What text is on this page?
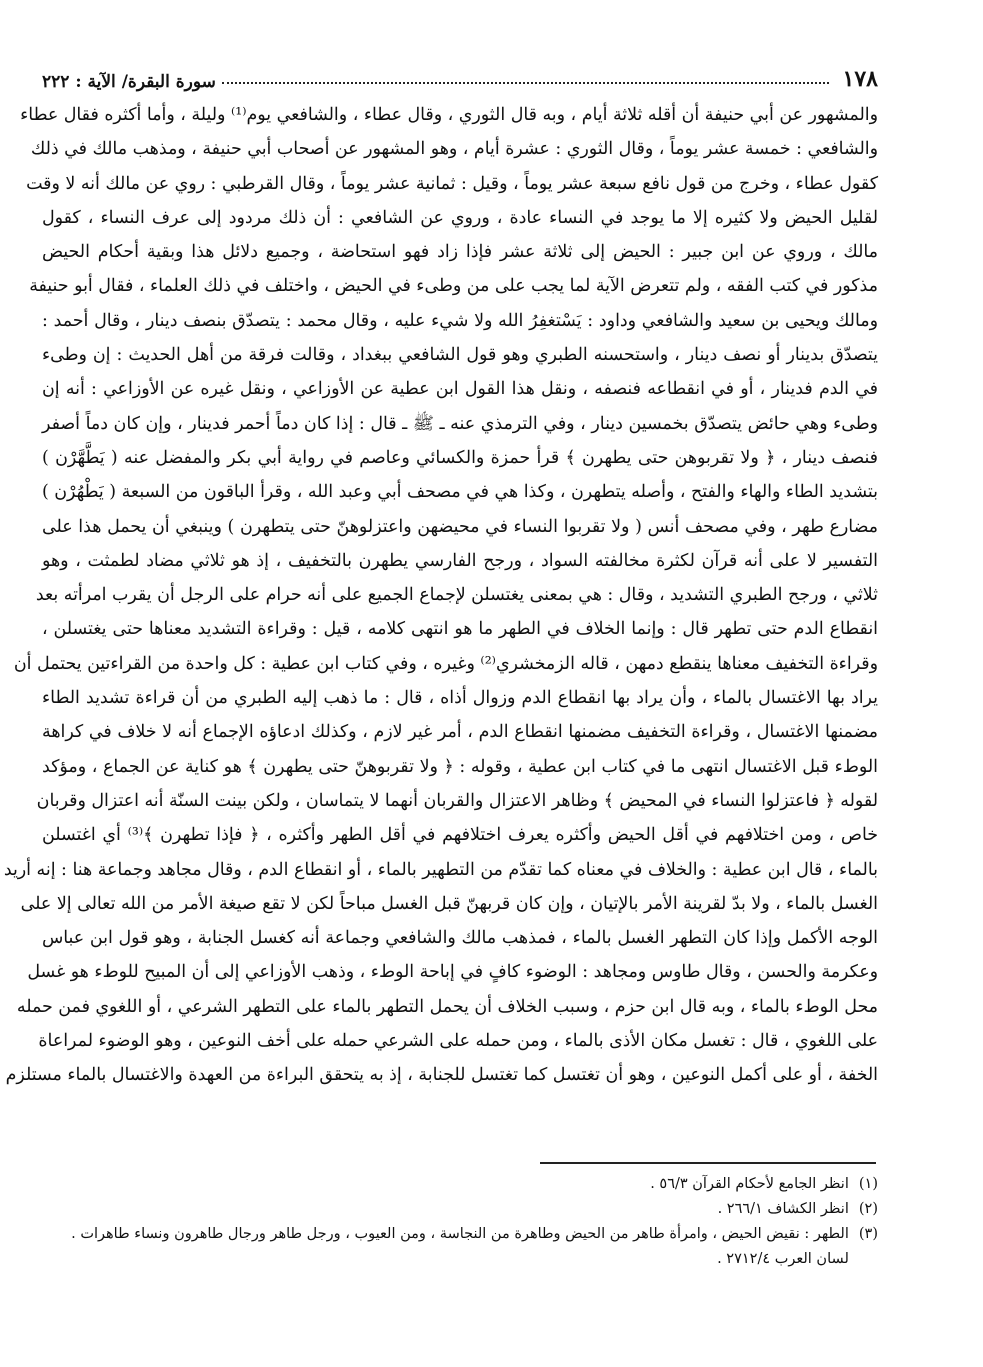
١٧٨
سورة البقرة/ الآية : ٢٢٢
والمشهور عن أبي حنيفة أن أقله ثلاثة أيام ، وبه قال الثوري ، وقال عطاء ، والشافعي يوم⁽¹⁾ وليلة ، وأما أكثره فقال عطاء
والشافعي : خمسة عشر يوماً ، وقال الثوري : عشرة أيام ، وهو المشهور عن أصحاب أبي حنيفة ، ومذهب مالك في ذلك
كقول عطاء ، وخرج من قول نافع سبعة عشر يوماً ، وقيل : ثمانية عشر يوماً ، وقال القرطبي : روي عن مالك أنه لا وقت
لقليل الحيض ولا كثيره إلا ما يوجد في النساء عادة ، وروي عن الشافعي : أن ذلك مردود إلى عرف النساء ، كقول
مالك ، وروي عن ابن جبير : الحيض إلى ثلاثة عشر فإذا زاد فهو استحاضة ، وجميع دلائل هذا وبقية أحكام الحيض
مذكور في كتب الفقه ، ولم تتعرض الآية لما يجب على من وطىء في الحيض ، واختلف في ذلك العلماء ، فقال أبو حنيفة
ومالك ويحيى بن سعيد والشافعي وداود : يَسْتغفِرُ الله ولا شيء عليه ، وقال محمد : يتصدّق بنصف دينار ، وقال أحمد :
يتصدّق بدينار أو نصف دينار ، واستحسنه الطبري وهو قول الشافعي ببغداد ، وقالت فرقة من أهل الحديث : إن وطىء
في الدم فدينار ، أو في انقطاعه فنصفه ، ونقل هذا القول ابن عطية عن الأوزاعي ، ونقل غيره عن الأوزاعي : أنه إن
وطىء وهي حائض يتصدّق بخمسين دينار ، وفي الترمذي عنه ـ ﷺ ـ قال : إذا كان دماً أحمر فدينار ، وإن كان دماً أصفر
فنصف دينار ، ﴿ ولا تقربوهن حتى يطهرن ﴾ قرأ حمزة والكسائي وعاصم في رواية أبي بكر والمفضل عنه ( يَطَّهَّرْن )
بتشديد الطاء والهاء والفتح ، وأصله يتطهرن ، وكذا هي في مصحف أبي وعبد الله ، وقرأ الباقون من السبعة ( يَطْهُرْن )
مضارع طهر ، وفي مصحف أنس ( ولا تقربوا النساء في محيضهن واعتزلوهنّ حتى يتطهرن ) وينبغي أن يحمل هذا على
التفسير لا على أنه قرآن لكثرة مخالفته السواد ، ورجح الفارسي يطهرن بالتخفيف ، إذ هو ثلاثي مضاد لطمثت ، وهو
ثلاثي ، ورجح الطبري التشديد ، وقال : هي بمعنى يغتسلن لإجماع الجميع على أنه حرام على الرجل أن يقرب امرأته بعد
انقطاع الدم حتى تطهر قال : وإنما الخلاف في الطهر ما هو انتهى كلامه ، قيل : وقراءة التشديد معناها حتى يغتسلن ،
وقراءة التخفيف معناها ينقطع دمهن ، قاله الزمخشري⁽²⁾ وغيره ، وفي كتاب ابن عطية : كل واحدة من القراءتين يحتمل أن
يراد بها الاغتسال بالماء ، وأن يراد بها انقطاع الدم وزوال أذاه ، قال : ما ذهب إليه الطبري من أن قراءة تشديد الطاء
مضمنها الاغتسال ، وقراءة التخفيف مضمنها انقطاع الدم ، أمر غير لازم ، وكذلك ادعاؤه الإجماع أنه لا خلاف في كراهة
الوطء قبل الاغتسال انتهى ما في كتاب ابن عطية ، وقوله : ﴿ ولا تقربوهنّ حتى يطهرن ﴾ هو كناية عن الجماع ، ومؤكد
لقوله ﴿ فاعتزلوا النساء في المحيض ﴾ وظاهر الاعتزال والقربان أنهما لا يتماسان ، ولكن بينت السنّة أنه اعتزال وقربان
خاص ، ومن اختلافهم في أقل الحيض وأكثره يعرف اختلافهم في أقل الطهر وأكثره ، ﴿ فإذا تطهرن ﴾⁽³⁾ أي اغتسلن
بالماء ، قال ابن عطية : والخلاف في معناه كما تقدّم من التطهير بالماء ، أو انقطاع الدم ، وقال مجاهد وجماعة هنا : إنه أريد
الغسل بالماء ، ولا بدّ لقرينة الأمر بالإتيان ، وإن كان قربهنّ قبل الغسل مباحاً لكن لا تقع صيغة الأمر من الله تعالى إلا على
الوجه الأكمل وإذا كان التطهر الغسل بالماء ، فمذهب مالك والشافعي وجماعة أنه كغسل الجنابة ، وهو قول ابن عباس
وعكرمة والحسن ، وقال طاوس ومجاهد : الوضوء كافٍ في إباحة الوطء ، وذهب الأوزاعي إلى أن المبيح للوطء هو غسل
محل الوطء بالماء ، وبه قال ابن حزم ، وسبب الخلاف أن يحمل التطهر بالماء على التطهر الشرعي ، أو اللغوي فمن حمله
على اللغوي ، قال : تغسل مكان الأذى بالماء ، ومن حمله على الشرعي حمله على أخف النوعين ، وهو الوضوء لمراعاة
الخفة ، أو على أكمل النوعين ، وهو أن تغتسل كما تغتسل للجنابة ، إذ به يتحقق البراءة من العهدة والاغتسال بالماء مستلزم
(١)
انظر الجامع لأحكام القرآن ٥٦/٣ .
(٢)
انظر الكشاف ٢٦٦/١ .
(٣)
الطهر : نقيض الحيض ، وامرأة طاهر من الحيض وطاهرة من النجاسة ، ومن العيوب ، ورجل طاهر ورجال طاهرون ونساء طاهرات . لسان العرب ٢٧١٢/٤ .
